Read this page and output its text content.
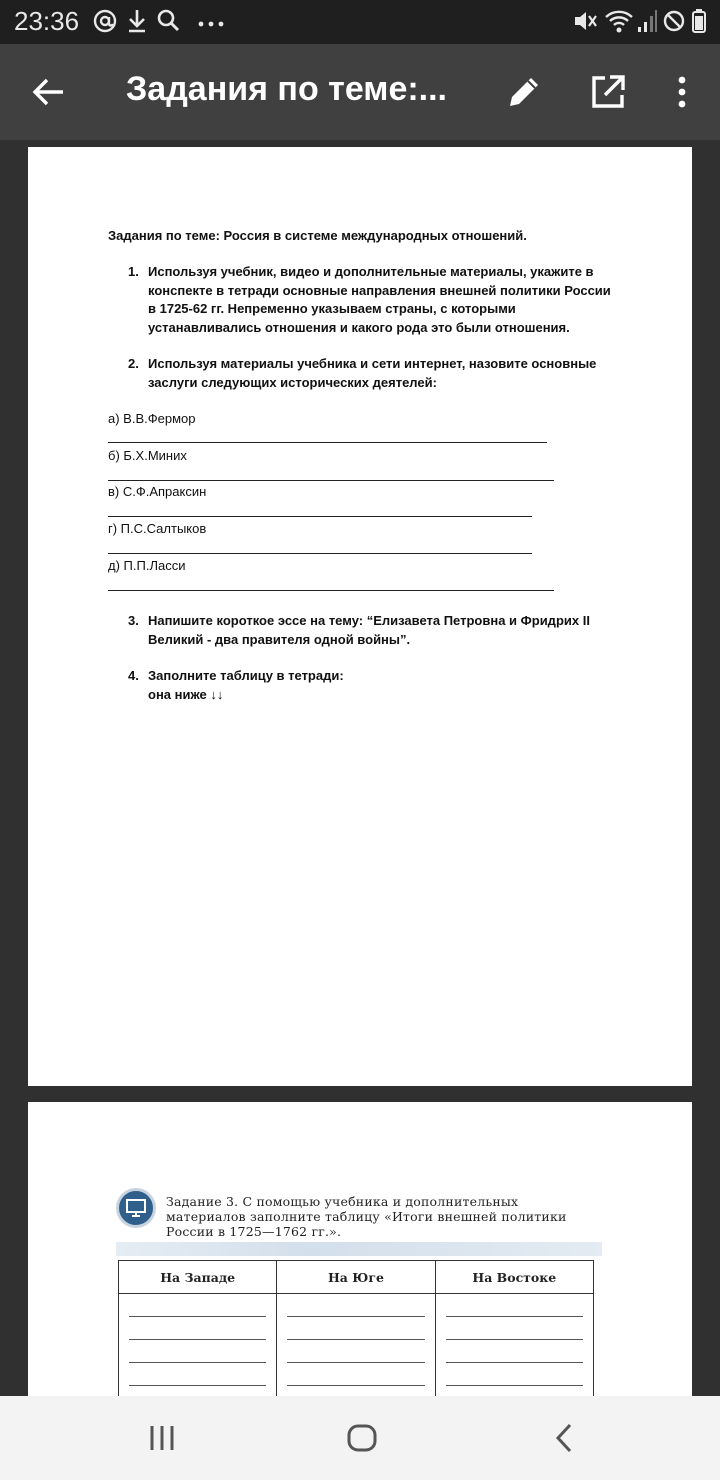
23:36
Задания по теме:...
Задания по теме: Россия в системе международных отношений.
1. Используя учебник, видео и дополнительные материалы, укажите в конспекте в тетради основные направления внешней политики России в 1725-62 гг. Непременно указываем страны, с которыми устанавливались отношения и какого рода это были отношения.
2. Используя материалы учебника и сети интернет, назовите основные заслуги следующих исторических деятелей:
а) В.В.Фермор
б) Б.Х.Миних
в) С.Ф.Апраксин
г) П.С.Салтыков
д) П.П.Ласси
3. Напишите короткое эссе на тему: “Елизавета Петровна и Фридрих II Великий - два правителя одной войны”.
4. Заполните таблицу в тетради:
она ниже ↓↓
Задание 3. С помощью учебника и дополнительных материалов заполните таблицу «Итоги внешней политики России в 1725—1762 гг.».
На Западе	На Юге	На Востоке
